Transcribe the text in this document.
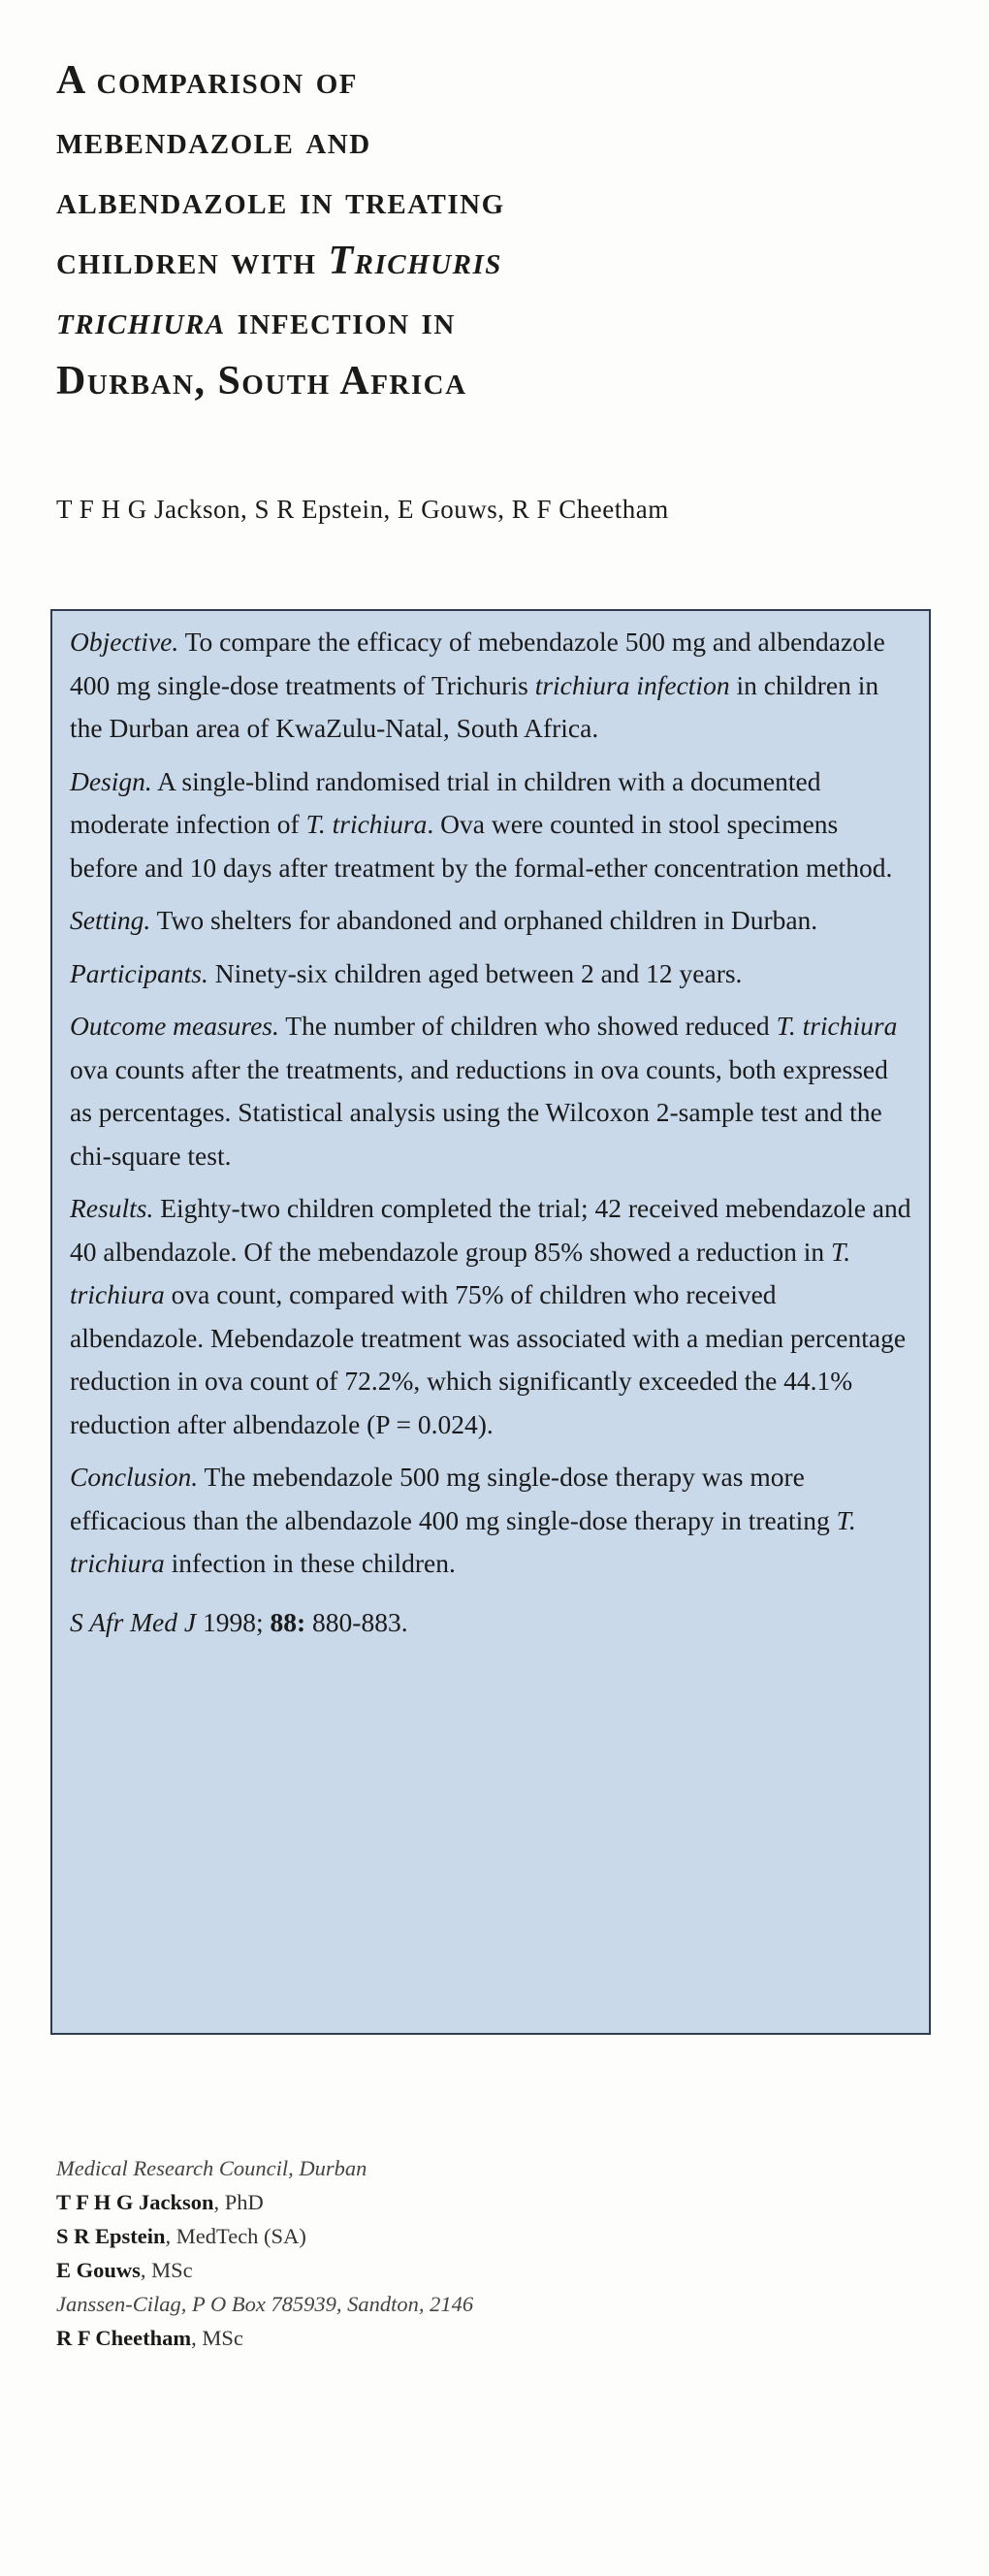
A comparison of
mebendazole and
albendazole in treating
children with Trichuris
trichiura infection in
Durban, South Africa
T F H G Jackson, S R Epstein, E Gouws, R F Cheetham

Objective. To compare the efficacy of mebendazole 500 mg and albendazole 400 mg single-dose treatments of Trichuris trichiura infection in children in the Durban area of KwaZulu-Natal, South Africa.

Design. A single-blind randomised trial in children with a documented moderate infection of T. trichiura. Ova were counted in stool specimens before and 10 days after treatment by the formal-ether concentration method.

Setting. Two shelters for abandoned and orphaned children in Durban.

Participants. Ninety-six children aged between 2 and 12 years.

Outcome measures. The number of children who showed reduced T. trichiura ova counts after the treatments, and reductions in ova counts, both expressed as percentages. Statistical analysis using the Wilcoxon 2-sample test and the chi-square test.

Results. Eighty-two children completed the trial; 42 received mebendazole and 40 albendazole. Of the mebendazole group 85% showed a reduction in T. trichiura ova count, compared with 75% of children who received albendazole. Mebendazole treatment was associated with a median percentage reduction in ova count of 72.2%, which significantly exceeded the 44.1% reduction after albendazole (P = 0.024).

Conclusion. The mebendazole 500 mg single-dose therapy was more efficacious than the albendazole 400 mg single-dose therapy in treating T. trichiura infection in these children.

S Afr Med J 1998; 88: 880-883.

Medical Research Council, Durban
T F H G Jackson, PhD
S R Epstein, MedTech (SA)
E Gouws, MSc
Janssen-Cilag, P O Box 785939, Sandton, 2146
R F Cheetham, MSc
